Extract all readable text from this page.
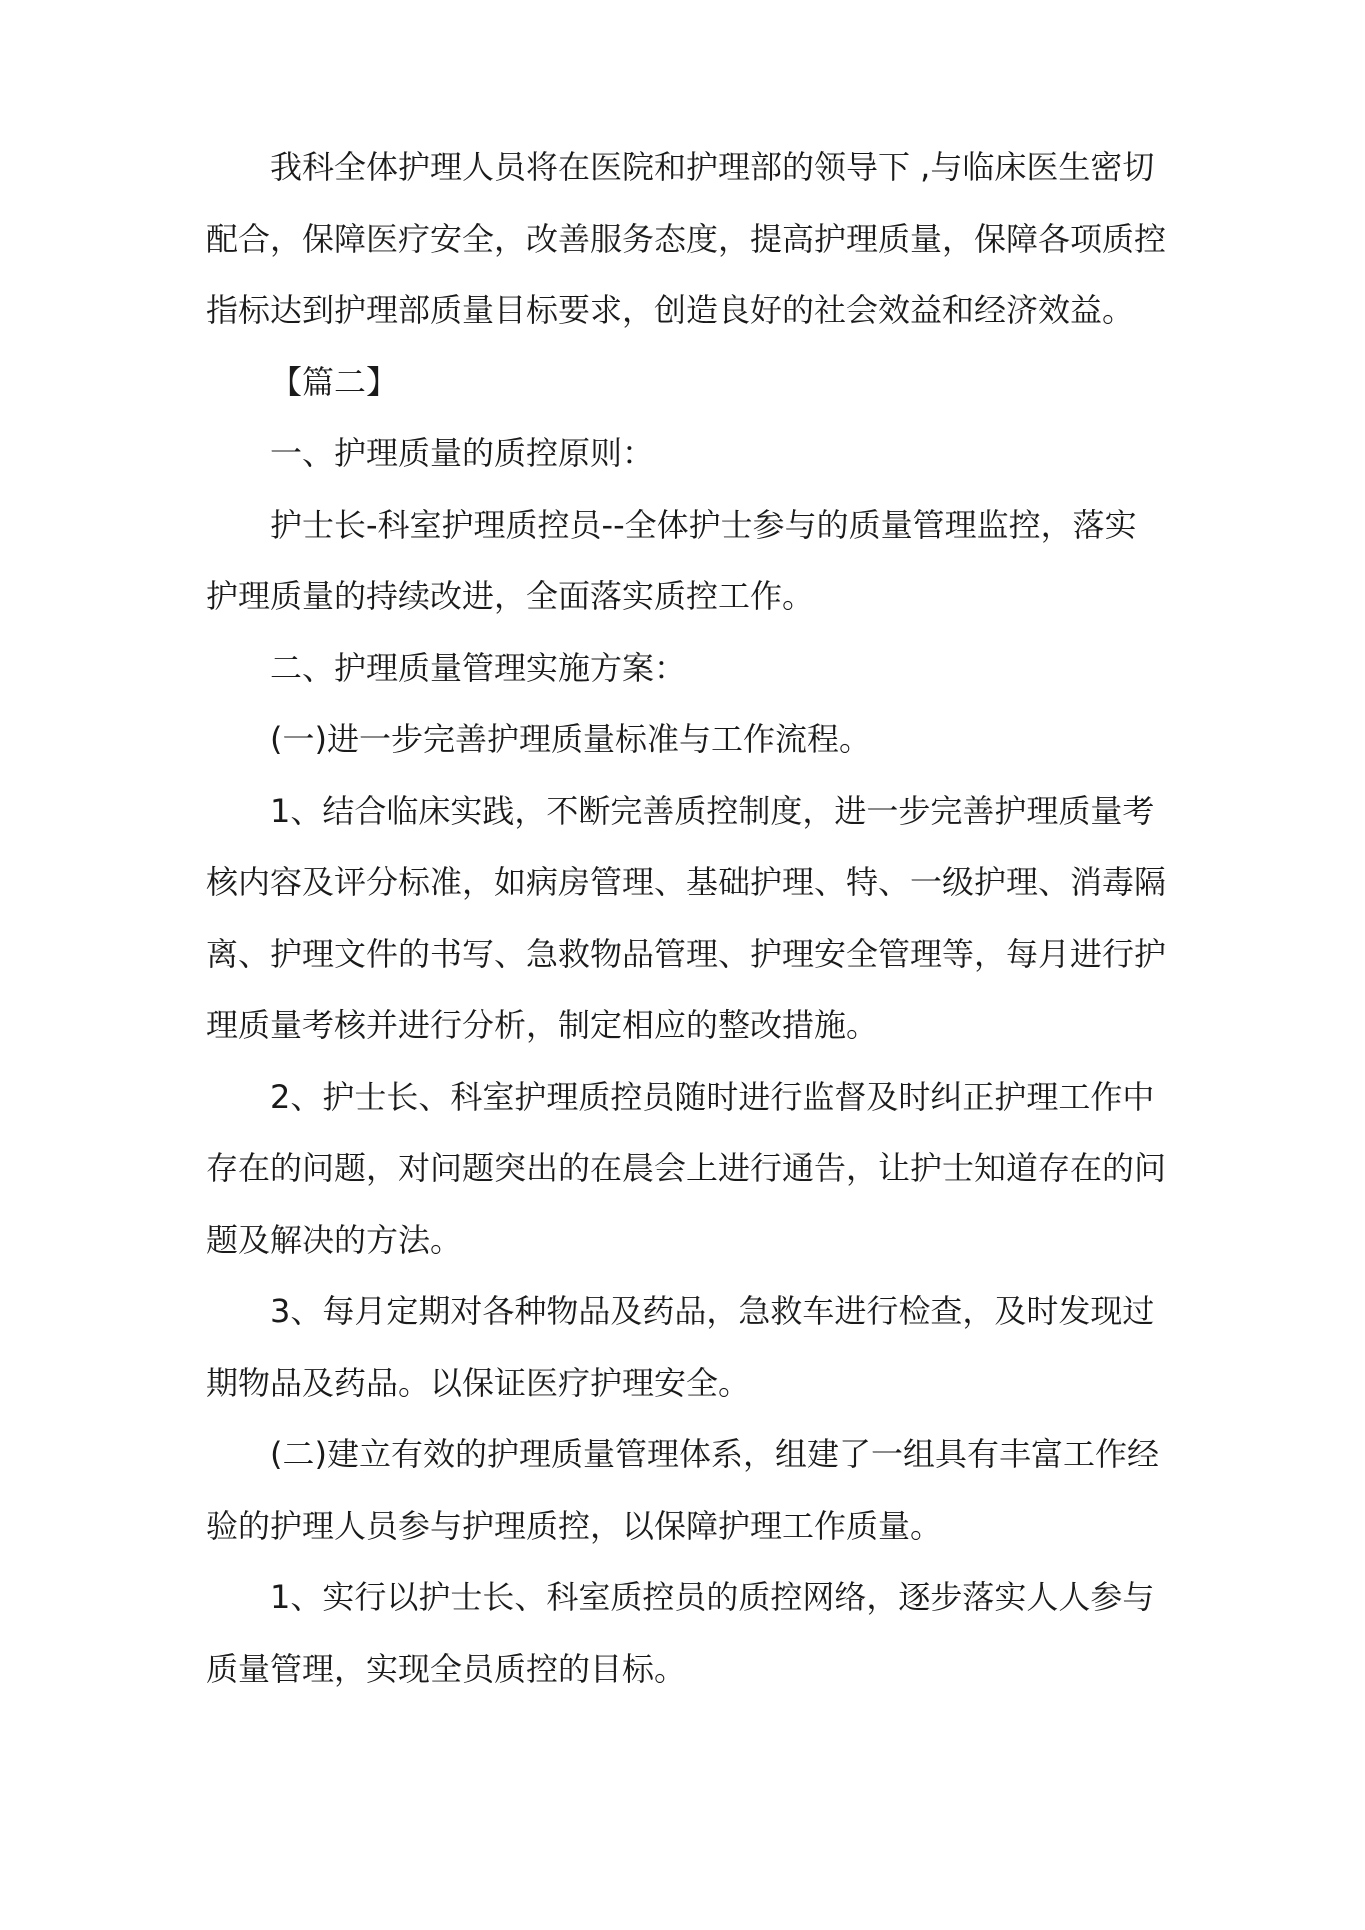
我科全体护理人员将在医院和护理部的领导下 ,与临床医生密切
配合，保障医疗安全，改善服务态度，提高护理质量，保障各项质控
指标达到护理部质量目标要求，创造良好的社会效益和经济效益。
【篇二】
一、护理质量的质控原则：
护士长-科室护理质控员--全体护士参与的质量管理监控，落实
护理质量的持续改进，全面落实质控工作。
二、护理质量管理实施方案：
(一)进一步完善护理质量标准与工作流程。
1、结合临床实践，不断完善质控制度，进一步完善护理质量考
核内容及评分标准，如病房管理、基础护理、特、一级护理、消毒隔
离、护理文件的书写、急救物品管理、护理安全管理等，每月进行护
理质量考核并进行分析，制定相应的整改措施。
2、护士长、科室护理质控员随时进行监督及时纠正护理工作中
存在的问题，对问题突出的在晨会上进行通告，让护士知道存在的问
题及解决的方法。
3、每月定期对各种物品及药品，急救车进行检查，及时发现过
期物品及药品。以保证医疗护理安全。
(二)建立有效的护理质量管理体系，组建了一组具有丰富工作经
验的护理人员参与护理质控，以保障护理工作质量。
1、实行以护士长、科室质控员的质控网络，逐步落实人人参与
质量管理，实现全员质控的目标。
